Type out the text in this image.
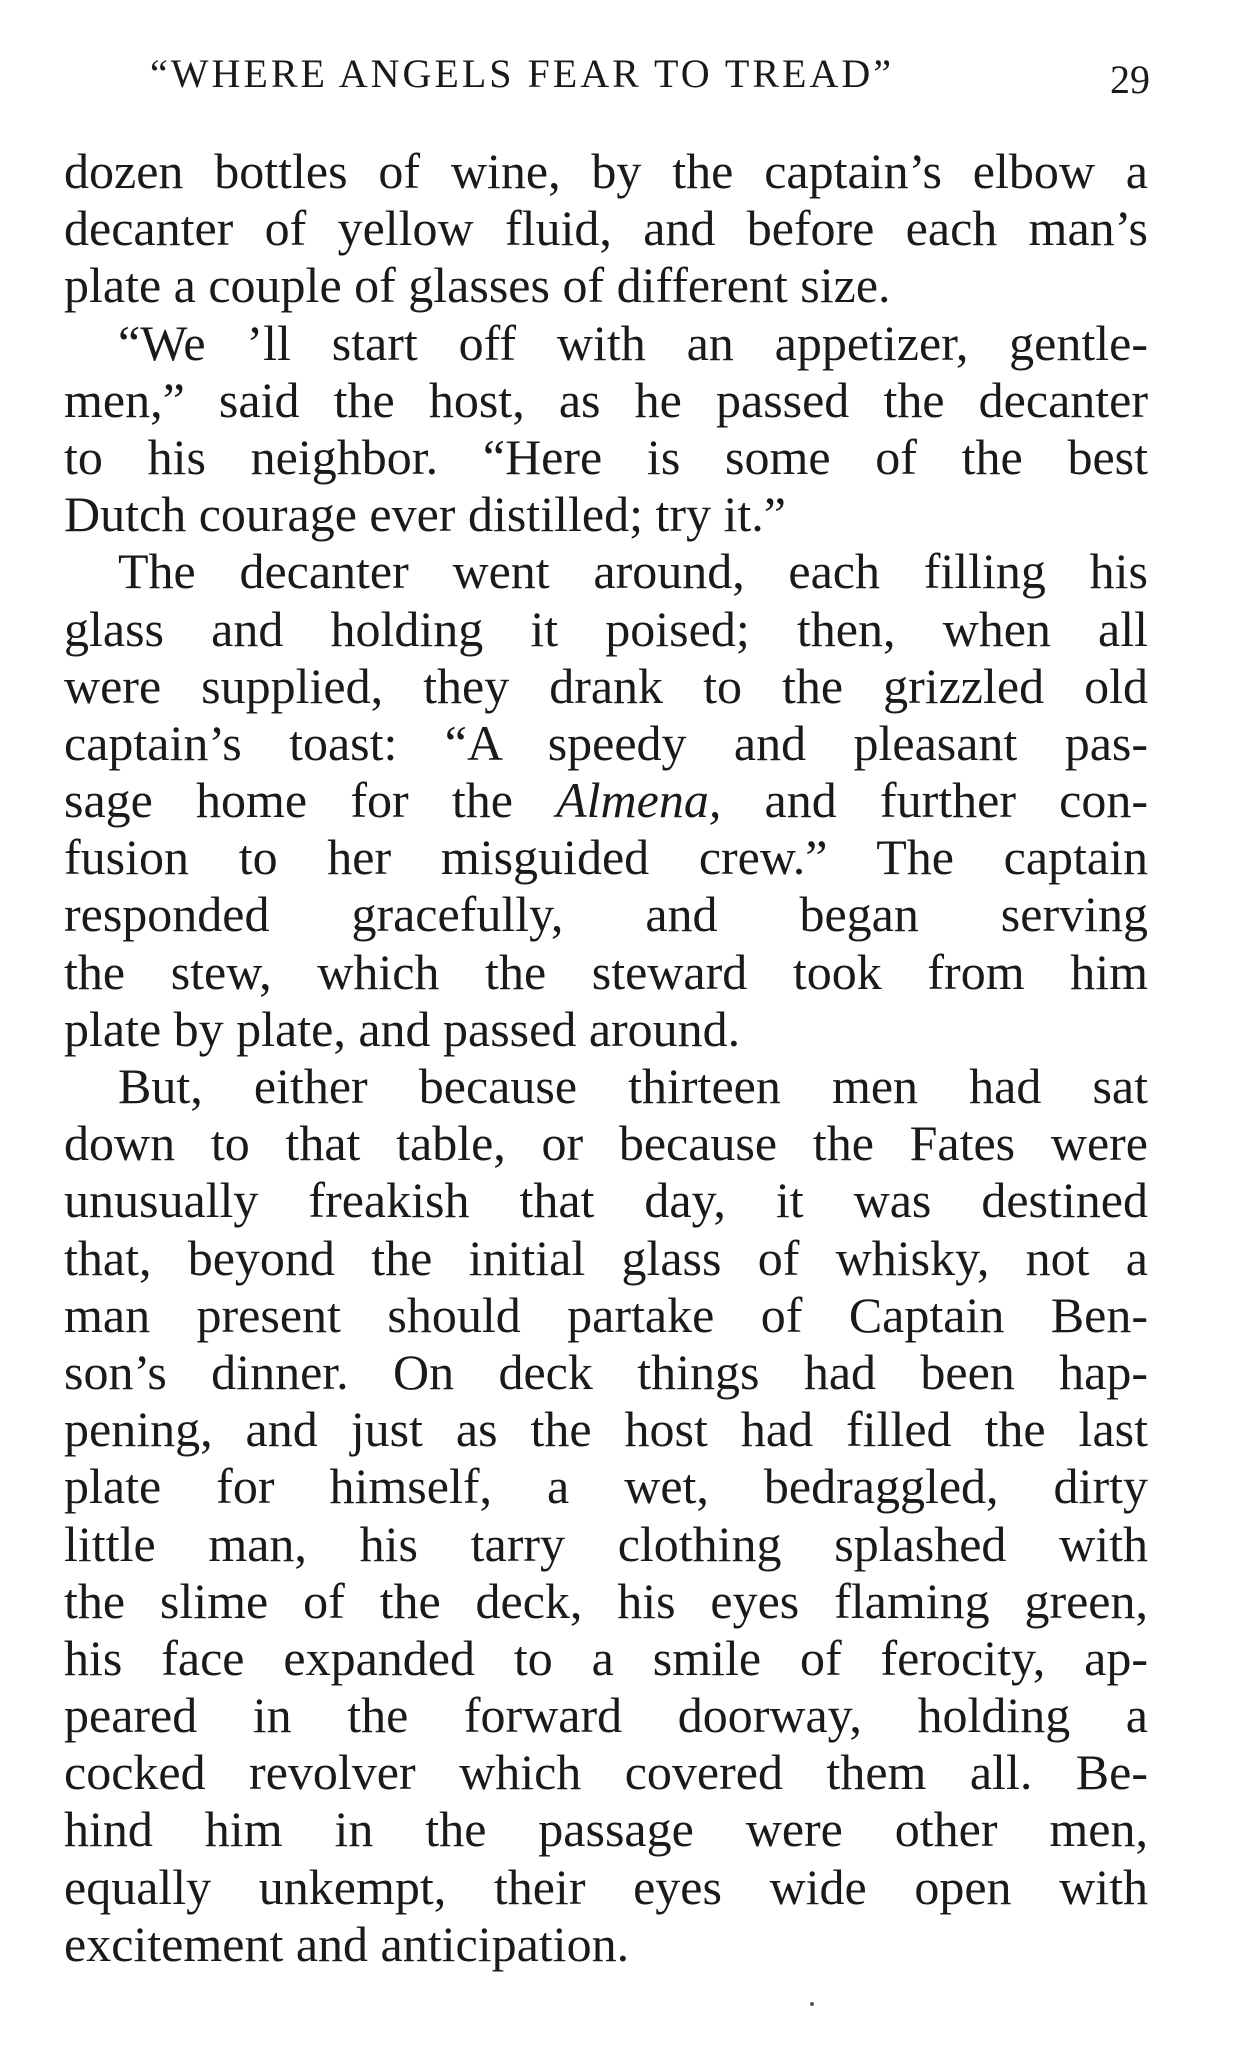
“WHERE ANGELS FEAR TO TREAD”	29
dozen bottles of wine, by the captain’s elbow a
decanter of yellow fluid, and before each man’s
plate a couple of glasses of different size.
“We ’ll start off with an appetizer, gentle-
men,” said the host, as he passed the decanter
to his neighbor. “Here is some of the best
Dutch courage ever distilled; try it.”
The decanter went around, each filling his
glass and holding it poised; then, when all
were supplied, they drank to the grizzled old
captain’s toast: “A speedy and pleasant pas-
sage home for the Almena, and further con-
fusion to her misguided crew.” The captain
responded gracefully, and began serving
the stew, which the steward took from him
plate by plate, and passed around.
But, either because thirteen men had sat
down to that table, or because the Fates were
unusually freakish that day, it was destined
that, beyond the initial glass of whisky, not a
man present should partake of Captain Ben-
son’s dinner. On deck things had been hap-
pening, and just as the host had filled the last
plate for himself, a wet, bedraggled, dirty
little man, his tarry clothing splashed with
the slime of the deck, his eyes flaming green,
his face expanded to a smile of ferocity, ap-
peared in the forward doorway, holding a
cocked revolver which covered them all. Be-
hind him in the passage were other men,
equally unkempt, their eyes wide open with
excitement and anticipation.
